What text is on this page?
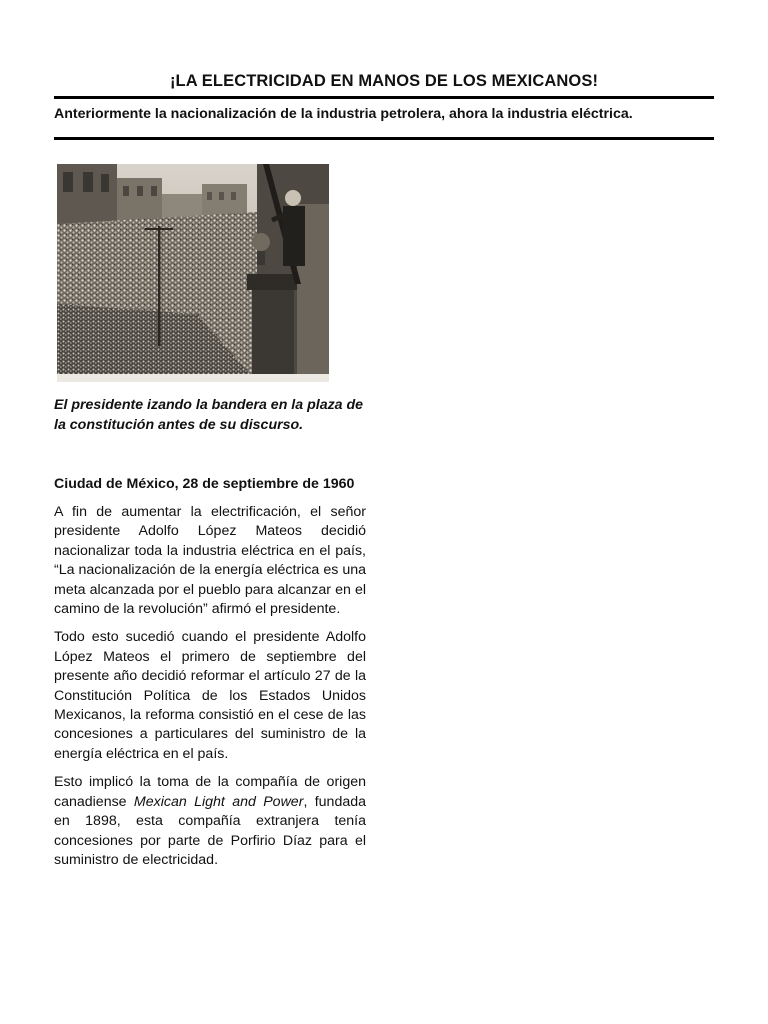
¡LA ELECTRICIDAD EN MANOS DE LOS MEXICANOS!

Anteriormente la nacionalización de la industria petrolera, ahora la industria eléctrica.

El presidente izando la bandera en la plaza de la constitución antes de su discurso.

Ciudad de México, 28 de septiembre de 1960

A fin de aumentar la electrificación, el señor presidente Adolfo López Mateos decidió nacionalizar toda la industria eléctrica en el país, “La nacionalización de la energía eléctrica es una meta alcanzada por el pueblo para alcanzar en el camino de la revolución” afirmó el presidente.

Todo esto sucedió cuando el presidente Adolfo López Mateos el primero de septiembre del presente año decidió reformar el artículo 27 de la Constitución Política de los Estados Unidos Mexicanos, la reforma consistió en el cese de las concesiones a particulares del suministro de la energía eléctrica en el país.

Esto implicó la toma de la compañía de origen canadiense Mexican Light and Power, fundada en 1898, esta compañía extranjera tenía concesiones por parte de Porfirio Díaz para el suministro de electricidad.
